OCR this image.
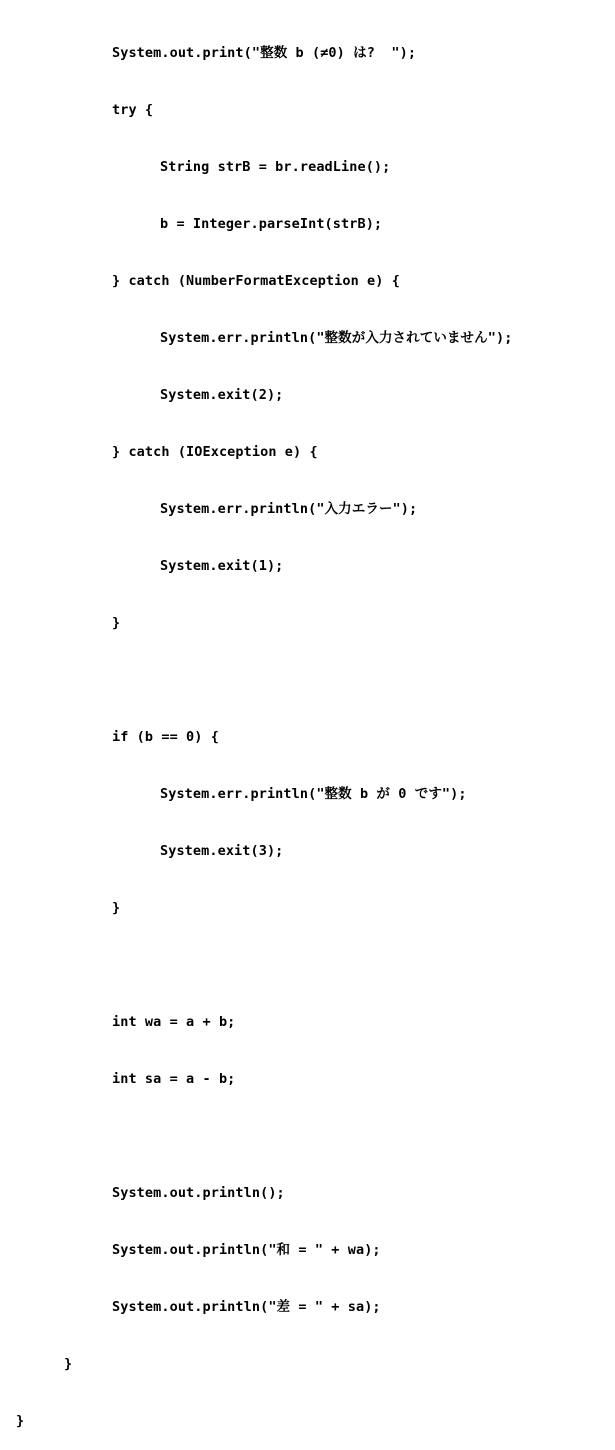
System.out.print("整数 b (≠0) は?  ");

try {

String strB = br.readLine();

b = Integer.parseInt(strB);

} catch (NumberFormatException e) {

System.err.println("整数が入力されていません");

System.exit(2);

} catch (IOException e) {

System.err.println("入力エラー");

System.exit(1);

}

if (b == 0) {

System.err.println("整数 b が 0 です");

System.exit(3);

}

int wa = a + b;

int sa = a - b;

System.out.println();

System.out.println("和 = " + wa);

System.out.println("差 = " + sa);

}

}
